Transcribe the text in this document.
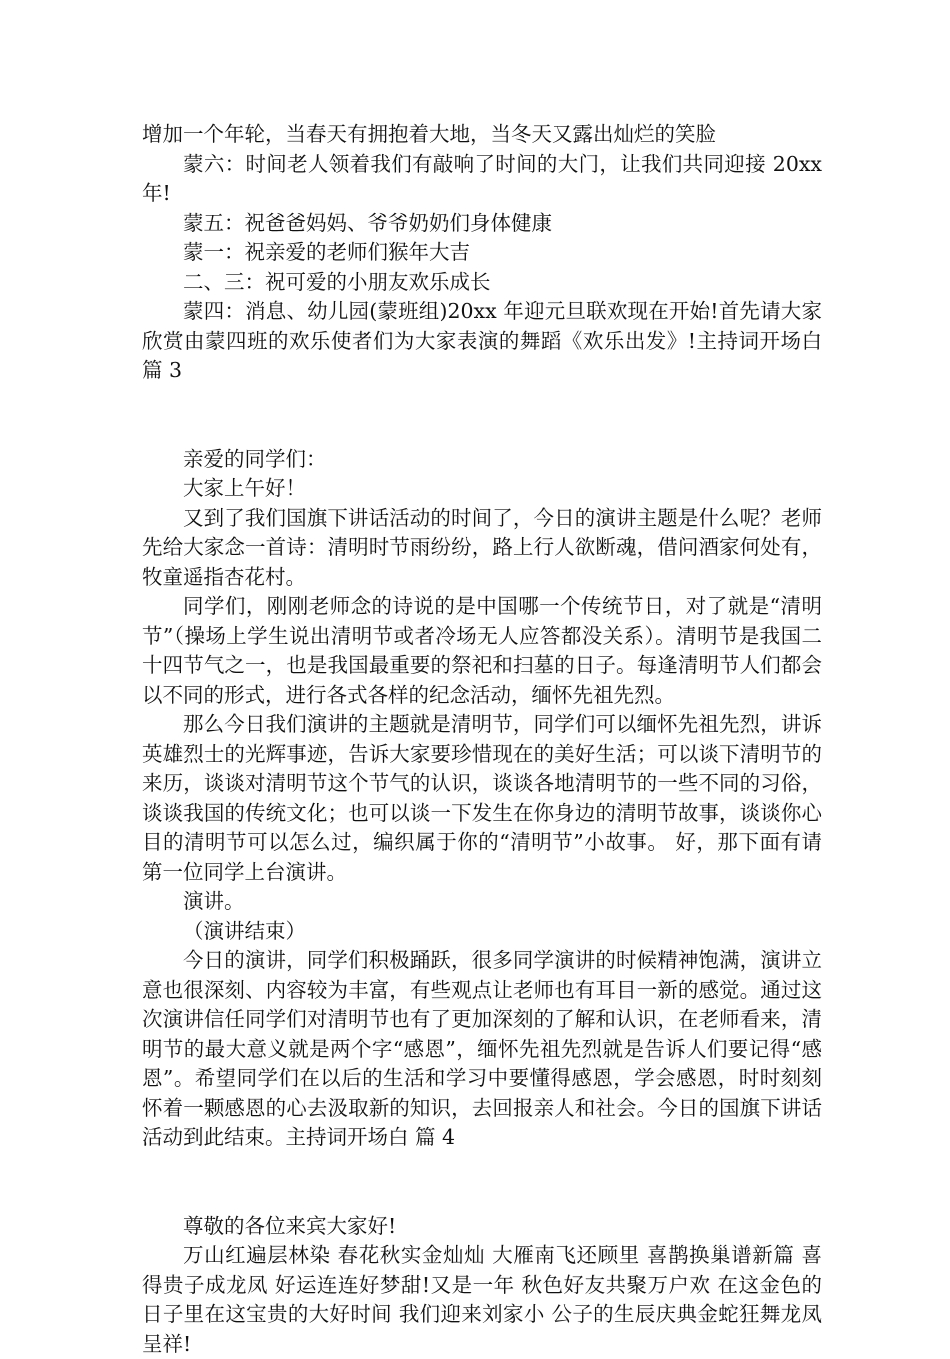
增加一个年轮，当春天有拥抱着大地，当冬天又露出灿烂的笑脸

蒙六：时间老人领着我们有敲响了时间的大门，让我们共同迎接 20xx 年!

蒙五：祝爸爸妈妈、爷爷奶奶们身体健康

蒙一：祝亲爱的老师们猴年大吉

二、三：祝可爱的小朋友欢乐成长

蒙四：消息、幼儿园(蒙班组)20xx 年迎元旦联欢现在开始!首先请大家欣赏由蒙四班的欢乐使者们为大家表演的舞蹈《欢乐出发》!主持词开场白 篇 3

亲爱的同学们：

大家上午好！

又到了我们国旗下讲话活动的时间了，今日的演讲主题是什么呢？老师先给大家念一首诗：清明时节雨纷纷，路上行人欲断魂，借问酒家何处有，牧童遥指杏花村。

同学们，刚刚老师念的诗说的是中国哪一个传统节日，对了就是“清明节”（操场上学生说出清明节或者冷场无人应答都没关系）。清明节是我国二十四节气之一，也是我国最重要的祭祀和扫墓的日子。每逢清明节人们都会以不同的形式，进行各式各样的纪念活动，缅怀先祖先烈。

那么今日我们演讲的主题就是清明节，同学们可以缅怀先祖先烈，讲诉英雄烈士的光辉事迹，告诉大家要珍惜现在的美好生活；可以谈下清明节的来历，谈谈对清明节这个节气的认识，谈谈各地清明节的一些不同的习俗，谈谈我国的传统文化；也可以谈一下发生在你身边的清明节故事，谈谈你心目的清明节可以怎么过，编织属于你的“清明节”小故事。 好，那下面有请第一位同学上台演讲。

演讲。

（演讲结束）

今日的演讲，同学们积极踊跃，很多同学演讲的时候精神饱满，演讲立意也很深刻、内容较为丰富，有些观点让老师也有耳目一新的感觉。通过这次演讲信任同学们对清明节也有了更加深刻的了解和认识，在老师看来，清明节的最大意义就是两个字“感恩”，缅怀先祖先烈就是告诉人们要记得“感恩”。希望同学们在以后的生活和学习中要懂得感恩，学会感恩，时时刻刻怀着一颗感恩的心去汲取新的知识，去回报亲人和社会。今日的国旗下讲话活动到此结束。主持词开场白 篇 4

尊敬的各位来宾大家好!

万山红遍层林染 春花秋实金灿灿 大雁南飞还顾里 喜鹊换巢谱新篇 喜得贵子成龙凤 好运连连好梦甜!又是一年 秋色好友共聚万户欢 在这金色的日子里在这宝贵的大好时间 我们迎来刘家小 公子的生辰庆典金蛇狂舞龙凤呈祥!
